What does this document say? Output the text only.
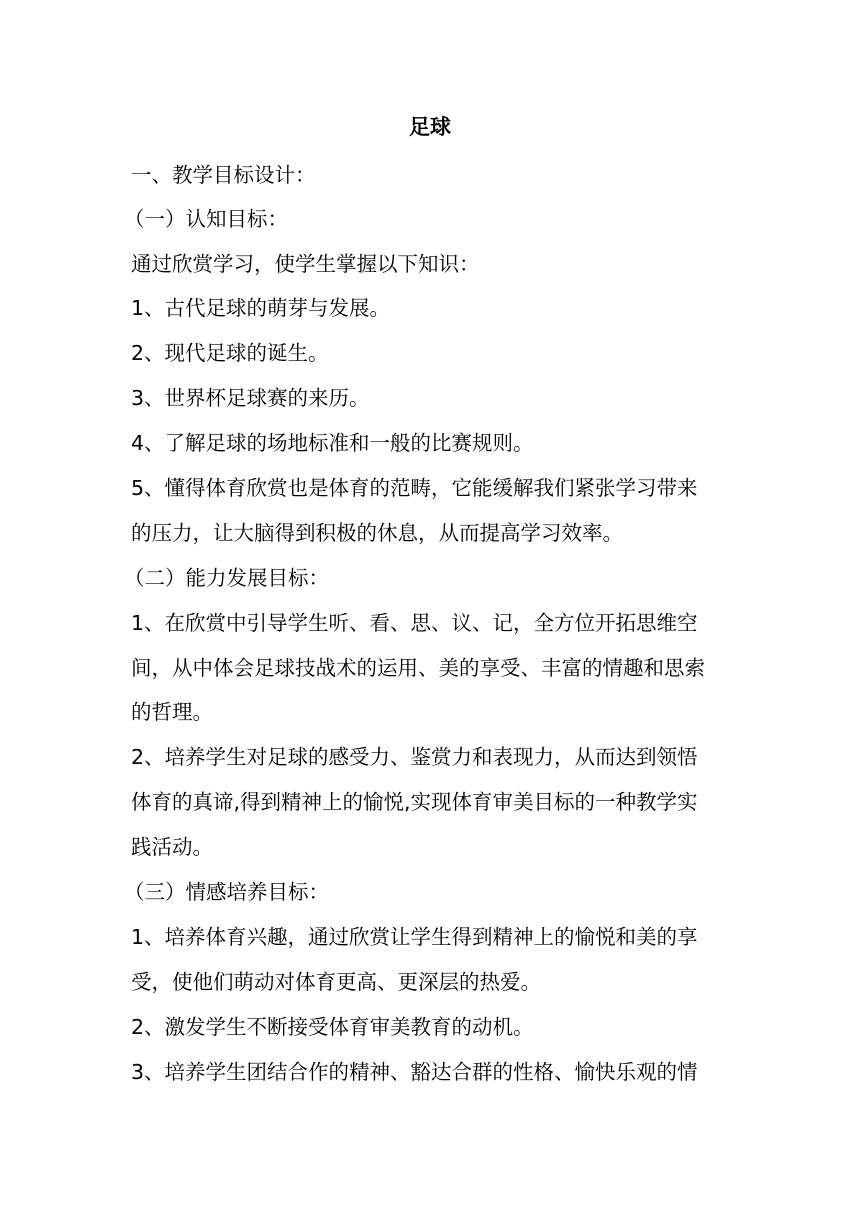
足球
一、教学目标设计：
（一）认知目标：
通过欣赏学习，使学生掌握以下知识：
1、古代足球的萌芽与发展。
2、现代足球的诞生。
3、世界杯足球赛的来历。
4、了解足球的场地标准和一般的比赛规则。
5、懂得体育欣赏也是体育的范畴，它能缓解我们紧张学习带来
的压力，让大脑得到积极的休息，从而提高学习效率。
（二）能力发展目标：
1、在欣赏中引导学生听、看、思、议、记，全方位开拓思维空
间，从中体会足球技战术的运用、美的享受、丰富的情趣和思索
的哲理。
2、培养学生对足球的感受力、鉴赏力和表现力，从而达到领悟
体育的真谛,得到精神上的愉悦,实现体育审美目标的一种教学实
践活动。
（三）情感培养目标：
1、培养体育兴趣，通过欣赏让学生得到精神上的愉悦和美的享
受，使他们萌动对体育更高、更深层的热爱。
2、激发学生不断接受体育审美教育的动机。
3、培养学生团结合作的精神、豁达合群的性格、愉快乐观的情
